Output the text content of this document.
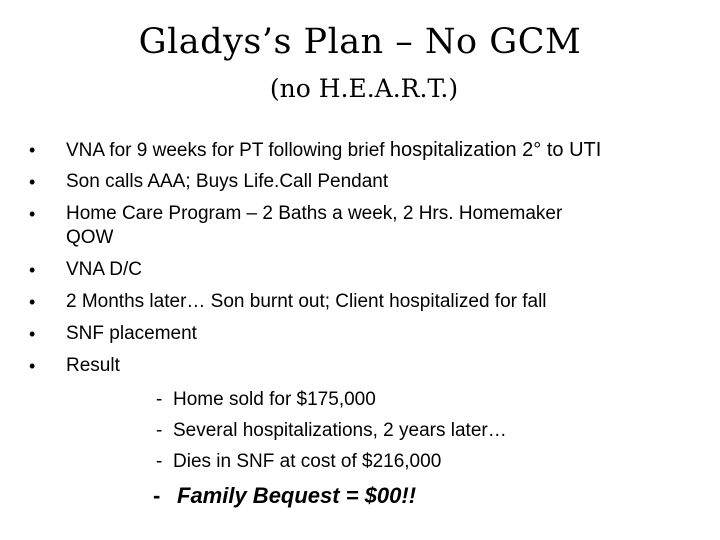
Gladys’s Plan – No GCM
(no H.E.A.R.T.)
• VNA for 9 weeks for PT following brief hospitalization 2° to UTI
• Son calls AAA; Buys Life.Call Pendant
• Home Care Program – 2 Baths a week, 2 Hrs. Homemaker
QOW
• VNA D/C
• 2 Months later… Son burnt out; Client hospitalized for fall
• SNF placement
• Result
- Home sold for $175,000
- Several hospitalizations, 2 years later…
- Dies in SNF at cost of $216,000
- Family Bequest = $00!!
